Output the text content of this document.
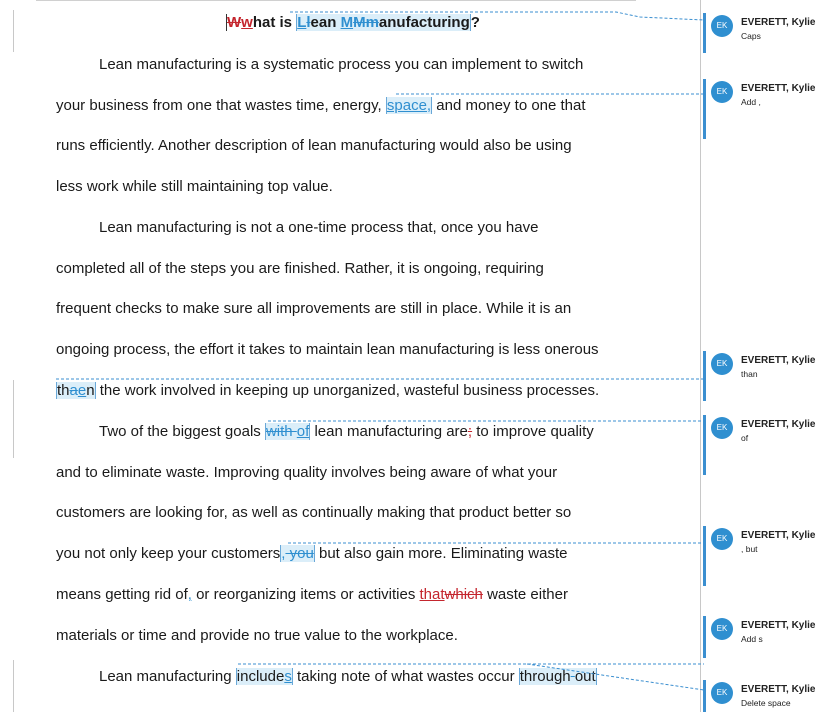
Wwhat is Llean MMmanufacturing?
Lean manufacturing is a systematic process you can implement to switch
your business from one that wastes time, energy, space, and money to one that
runs efficiently. Another description of lean manufacturing would also be using
less work while still maintaining top value.
Lean manufacturing is not a one-time process that, once you have
completed all of the steps you are finished. Rather, it is ongoing, requiring
frequent checks to make sure all improvements are still in place. While it is an
ongoing process, the effort it takes to maintain lean manufacturing is less onerous
thaen the work involved in keeping up unorganized, wasteful business processes.
Two of the biggest goals with of lean manufacturing are; to improve quality
and to eliminate waste. Improving quality involves being aware of what your
customers are looking for, as well as continually making that product better so
you not only keep your customers, you but also gain more. Eliminating waste
means getting rid of, or reorganizing items or activities thatwhich waste either
materials or time and provide no true value to the workplace.
Lean manufacturing includes taking note of what wastes occur through out
EK	EVERETT, Kylie
Caps
EK	EVERETT, Kylie
Add ,
EK	EVERETT, Kylie
than
EK	EVERETT, Kylie
of
EK	EVERETT, Kylie
, but
EK	EVERETT, Kylie
Add s
EK	EVERETT, Kylie
Delete space
